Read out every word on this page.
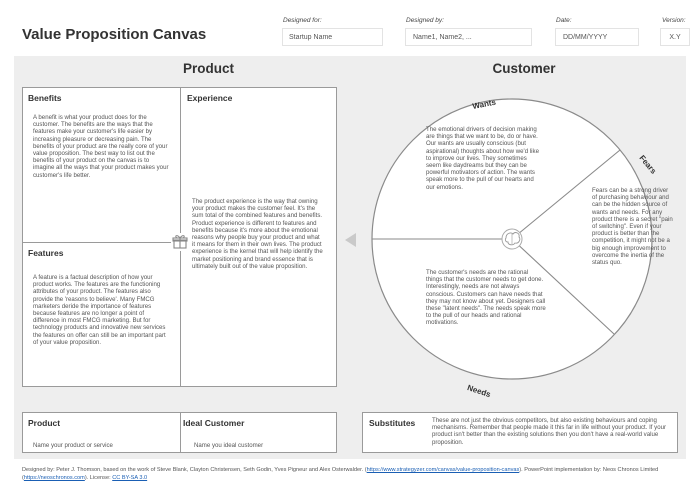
Value Proposition Canvas
Designed for:
Startup Name
Designed by:
Name1, Name2, ...
Date:
DD/MM/YYYY
Version:
X.Y
Product	Customer
Benefits
A benefit is what your product does for the customer. The benefits are the ways that the features make your customer's life easier by increasing pleasure or decreasing pain. The benefits of your product are the really core of your value proposition. The best way to list out the benefits of your product on the canvas is to imagine all the ways that your product makes your customer's life better.
Experience
The product experience is the way that owning your product makes the customer feel. It's the sum total of the combined features and benefits. Product experience is different to features and benefits because it's more about the emotional reasons why people buy your product and what it means for them in their own lives. The product experience is the kernel that will help identify the market positioning and brand essence that is ultimately built out of the value proposition.
Features
A feature is a factual description of how your product works. The features are the functioning attributes of your product. The features also provide the 'reasons to believe'. Many FMCG marketers deride the importance of features because features are no longer a point of difference in most FMCG marketing. But for technology products and innovative new services the features on offer can still be an important part of your value proposition.
Wants
Fears
Needs
The emotional drivers of decision making are things that we want to be, do or have. Our wants are usually conscious (but aspirational) thoughts about how we'd like to improve our lives. They sometimes seem like daydreams but they can be powerful motivators of action. The wants speak more to the pull of our hearts and our emotions.	Fears can be a strong driver of purchasing behaviour and can be the hidden source of wants and needs. For any product there is a secret "pain of switching". Even if your product is better than the competition, it might not be a big enough improvement to overcome the inertia of the status quo.
The customer's needs are the rational things that the customer needs to get done. Interestingly, needs are not always conscious. Customers can have needs that they may not know about yet. Designers call these "latent needs". The needs speak more to the pull of our heads and rational motivations.
Product
Name your product or service
Ideal Customer
Name you ideal customer
Substitutes	These are not just the obvious competitors, but also existing behaviours and coping mechanisms. Remember that people made it this far in life without your product. If your product isn't better than the existing solutions then you don't have a real-world value proposition.
Designed by: Peter J. Thomson, based on the work of Steve Blank, Clayton Christensen, Seth Godin, Yves Pigneur and Alex Osterwalder. (https://www.strategyzer.com/canvas/value-proposition-canvas). PowerPoint implementation by: Neos Chronos Limited (https://neoschronos.com). License: CC BY-SA 3.0
